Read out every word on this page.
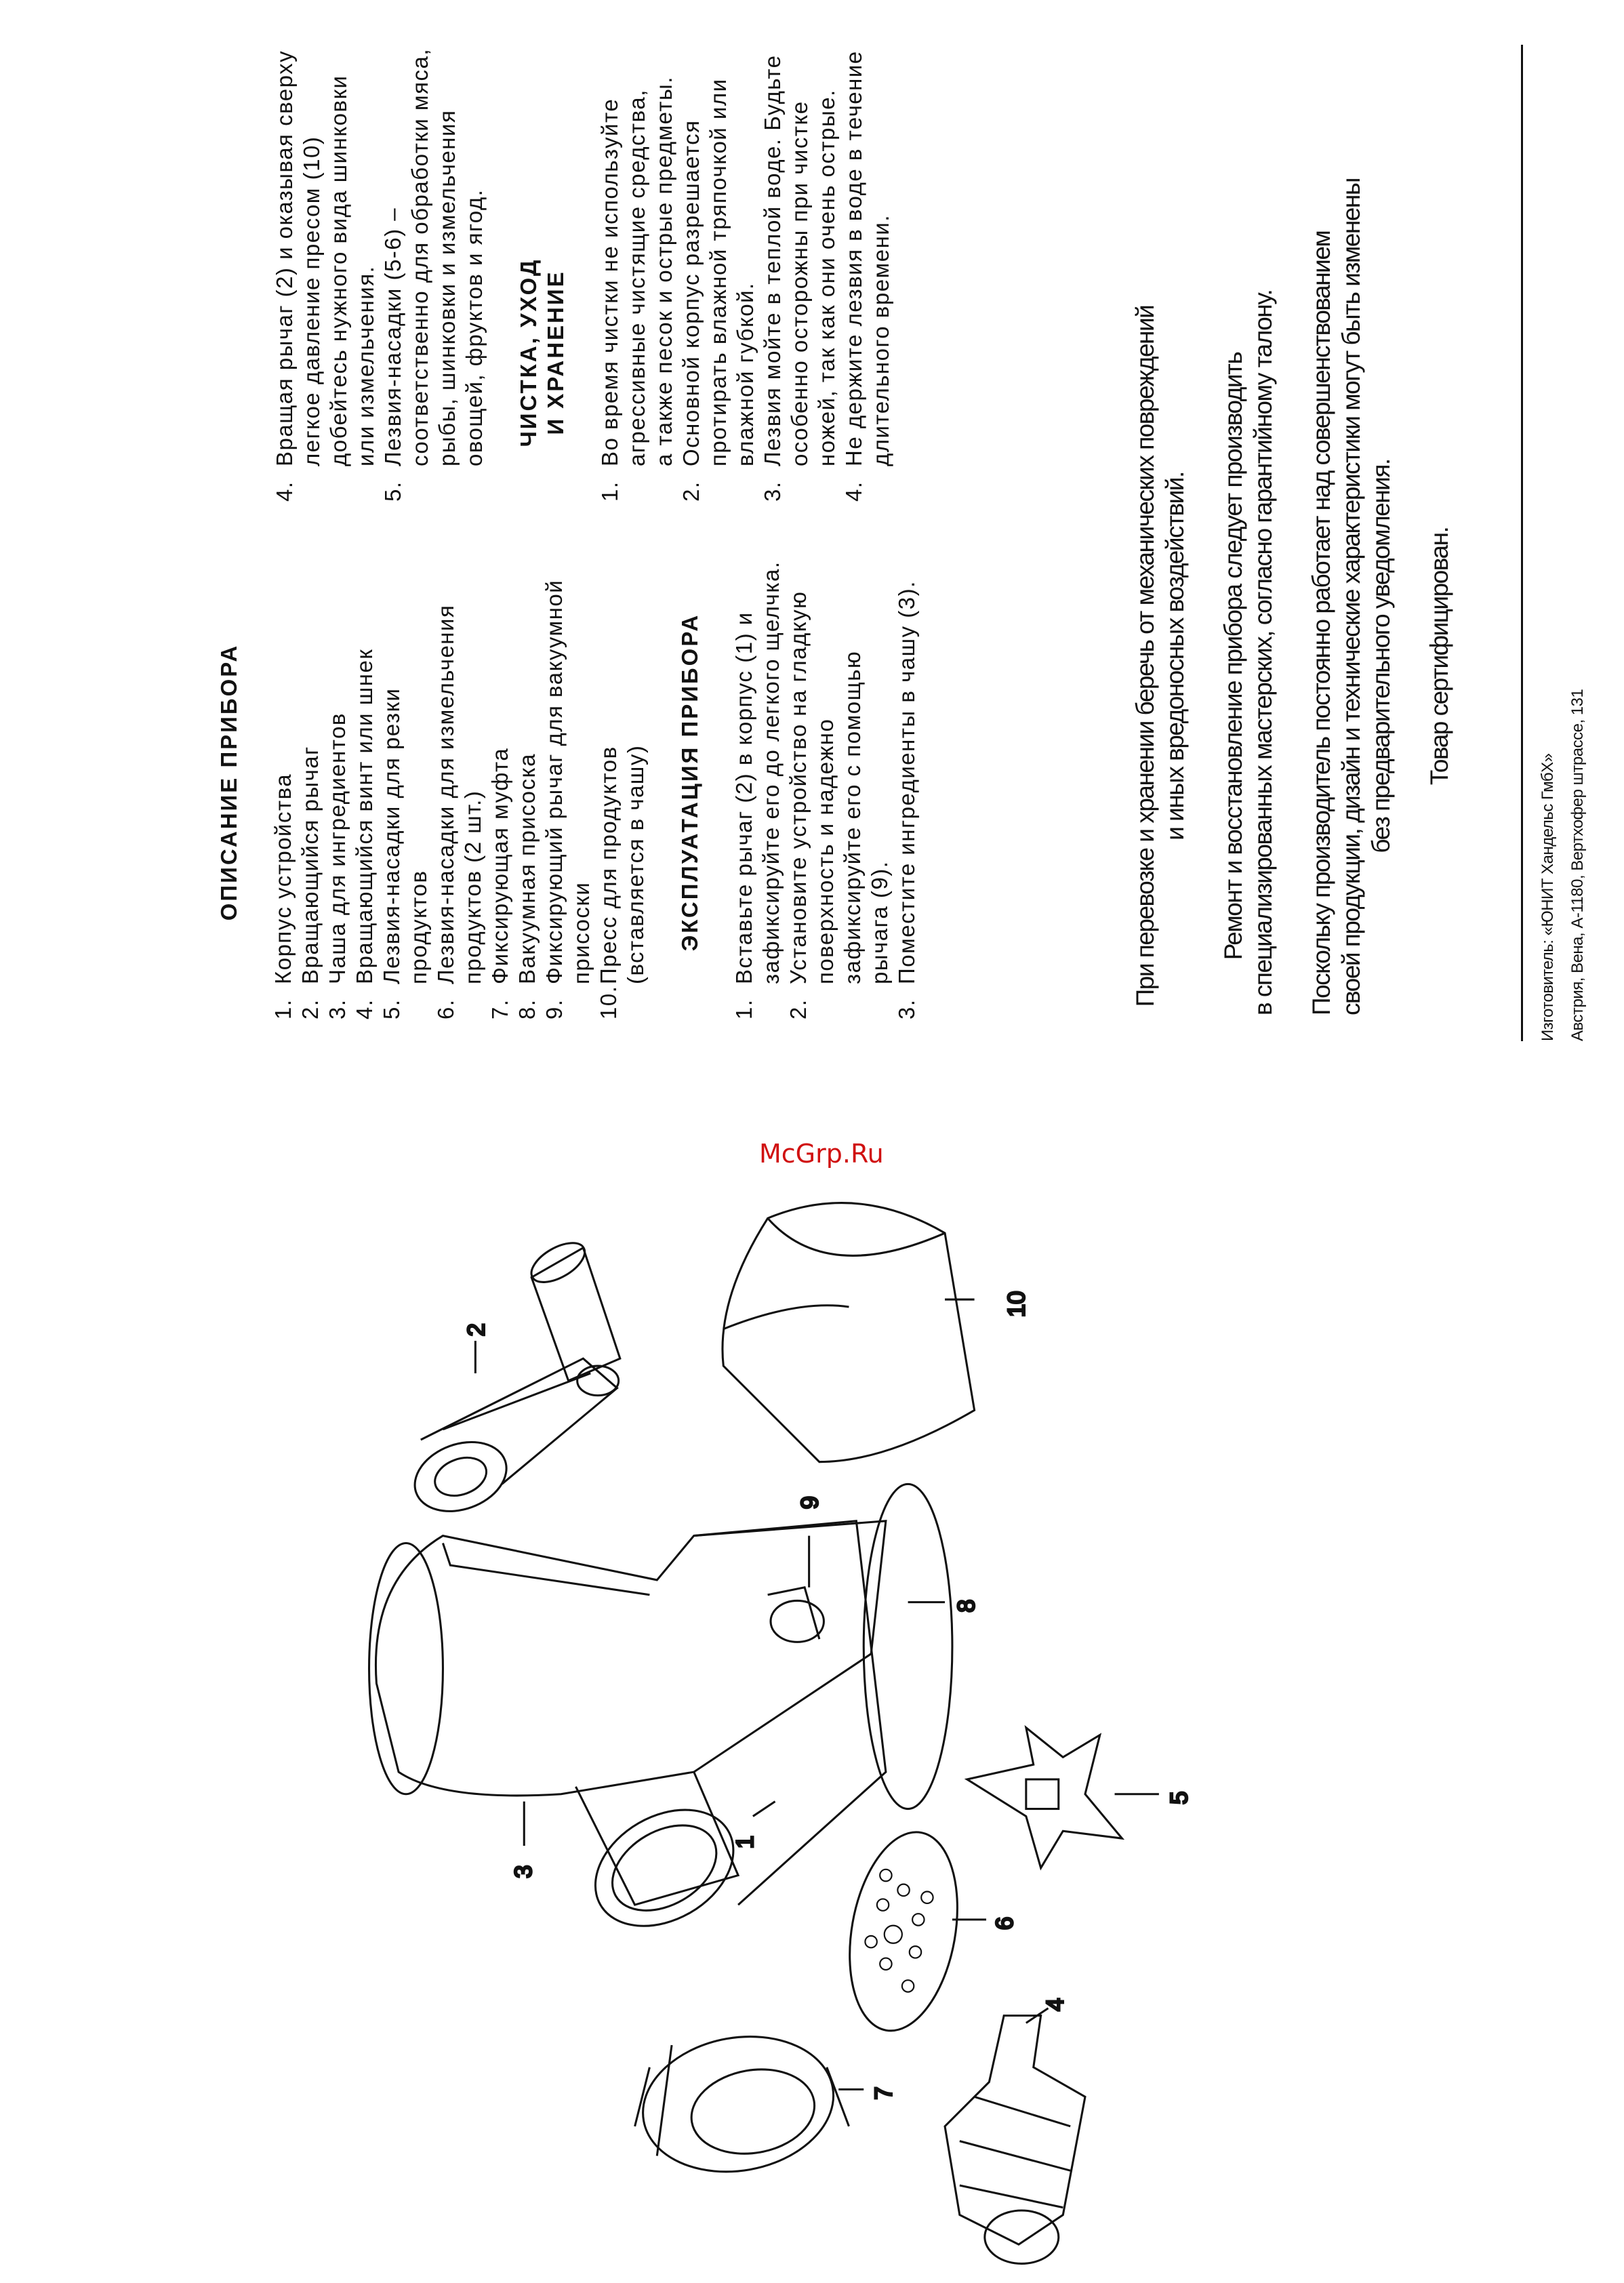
ОПИСАНИЕ ПРИБОРА
1.
Корпус устройства
2.
Вращающийся рычаг
3.
Чаша для ингредиентов
4.
Вращающийся винт или шнек
5.
Лезвия-насадки для резки продуктов
6.
Лезвия-насадки для измельчения продуктов (2 шт.)
7.
Фиксирующая муфта
8.
Вакуумная присоска
9.
Фиксирующий рычаг для вакуумной присоски
10.
Пресс для продуктов (вставляется в чашу) ЭКСПЛУАТАЦИЯ ПРИБОРА
1.
Вставьте рычаг (2) в корпус (1) и зафиксируйте его до легкого щелчка.
2.
Установите устройство на гладкую поверхность и надежно зафиксируйте его с помощью рычага (9).
3.
Поместите ингредиенты в чашу (3).
4.
Вращая рычаг (2) и оказывая сверху легкое давление пресом (10) добейтесь нужного вида шинковки или измельчения.
5.
Лезвия-насадки (5-6) – соответственно для обработки мяса, рыбы, шинковки и измельчения овощей, фруктов и ягод. ЧИСТКА, УХОД И ХРАНЕНИЕ
1.
Во время чистки не используйте агрессивные чистящие средства, а также песок и острые предметы.
2.
Основной корпус разрешается протирать влажной тряпочкой или влажной губкой.
3.
Лезвия мойте в теплой воде. Будьте особенно осторожны при чистке ножей, так как они очень острые.
4.
Не держите лезвия в воде в течение длительного времени.	При перевозке и хранении беречь от механических повреждений
и иных вредоносных воздействий. Ремонт и восстановление прибора следует производить
в специализированных мастерских, согласно гарантийному талону. Поскольку производитель постоянно работает над совершенствованием
своей продукции, дизайн и технические характеристики могут быть изменены
без предварительного уведомления. Товар сертифицирован.

Изготовитель: «ЮНИТ Хандельс ГмбХ» Австрия, Вена, А-1180, Вертхофер штрассе, 131
McGrp.Ru
1
2
3
4
5
6
7
8
9
10
